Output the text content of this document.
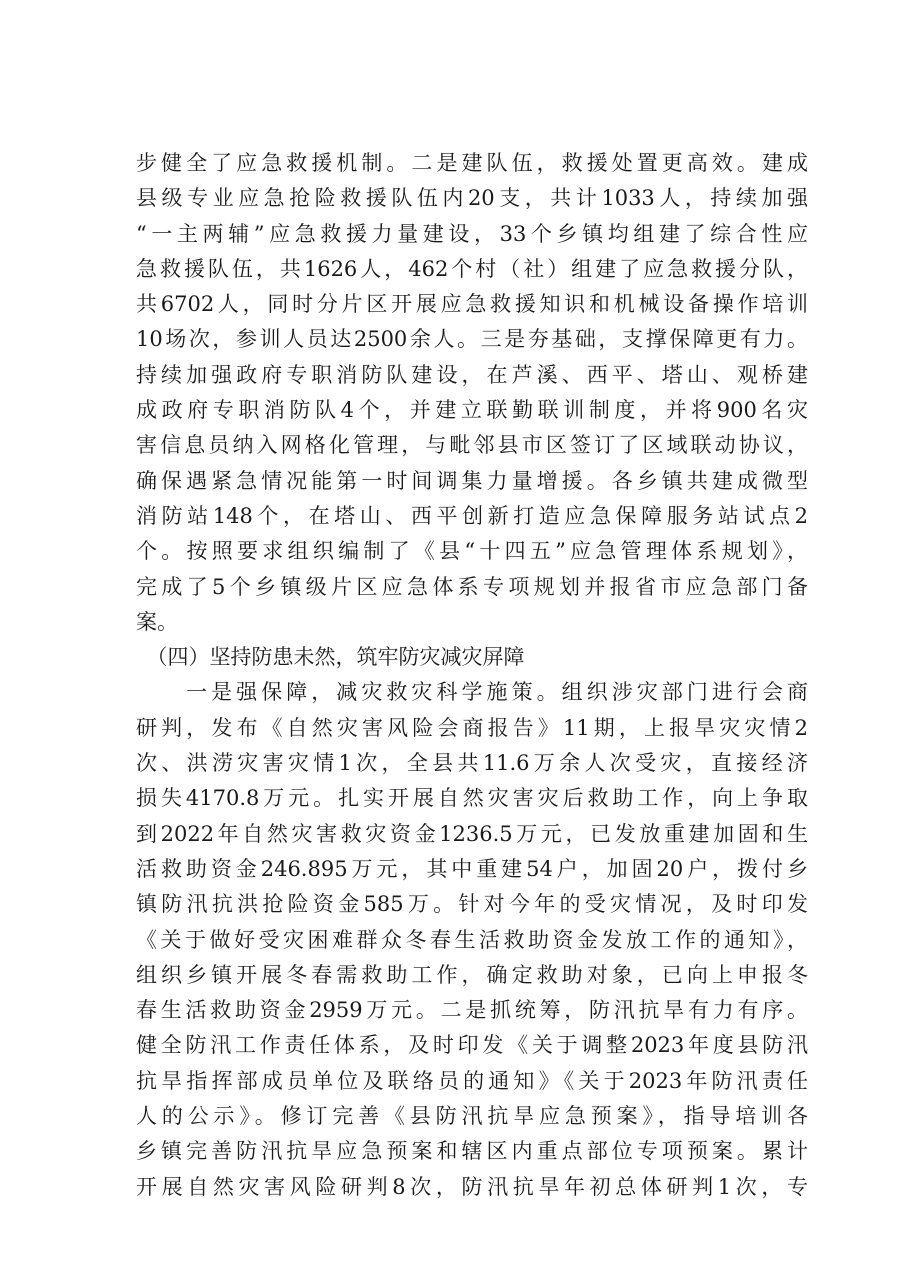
步健全了应急救援机制。二是建队伍，救援处置更高效。建成
县级专业应急抢险救援队伍内20支，共计1033人，持续加强
“一主两辅”应急救援力量建设，33个乡镇均组建了综合性应
急救援队伍，共1626人，462个村（社）组建了应急救援分队，
共6702人，同时分片区开展应急救援知识和机械设备操作培训
10场次，参训人员达2500余人。三是夯基础，支撑保障更有力。
持续加强政府专职消防队建设，在芦溪、西平、塔山、观桥建
成政府专职消防队4个，并建立联勤联训制度，并将900名灾
害信息员纳入网格化管理，与毗邻县市区签订了区域联动协议，
确保遇紧急情况能第一时间调集力量增援。各乡镇共建成微型
消防站148个，在塔山、西平创新打造应急保障服务站试点2
个。按照要求组织编制了《县“十四五”应急管理体系规划》，
完成了5个乡镇级片区应急体系专项规划并报省市应急部门备
案。
　（四）坚持防患未然，筑牢防灾减灾屏障
　　一是强保障，减灾救灾科学施策。组织涉灾部门进行会商
研判，发布《自然灾害风险会商报告》11期，上报旱灾灾情2
次、洪涝灾害灾情1次，全县共11.6万余人次受灾，直接经济
损失4170.8万元。扎实开展自然灾害灾后救助工作，向上争取
到2022年自然灾害救灾资金1236.5万元，已发放重建加固和生
活救助资金246.895万元，其中重建54户，加固20户，拨付乡
镇防汛抗洪抢险资金585万。针对今年的受灾情况，及时印发
《关于做好受灾困难群众冬春生活救助资金发放工作的通知》，
组织乡镇开展冬春需救助工作，确定救助对象，已向上申报冬
春生活救助资金2959万元。二是抓统筹，防汛抗旱有力有序。
健全防汛工作责任体系，及时印发《关于调整2023年度县防汛
抗旱指挥部成员单位及联络员的通知》《关于2023年防汛责任
人的公示》。修订完善《县防汛抗旱应急预案》，指导培训各
乡镇完善防汛抗旱应急预案和辖区内重点部位专项预案。累计
开展自然灾害风险研判8次，防汛抗旱年初总体研判1次，专
